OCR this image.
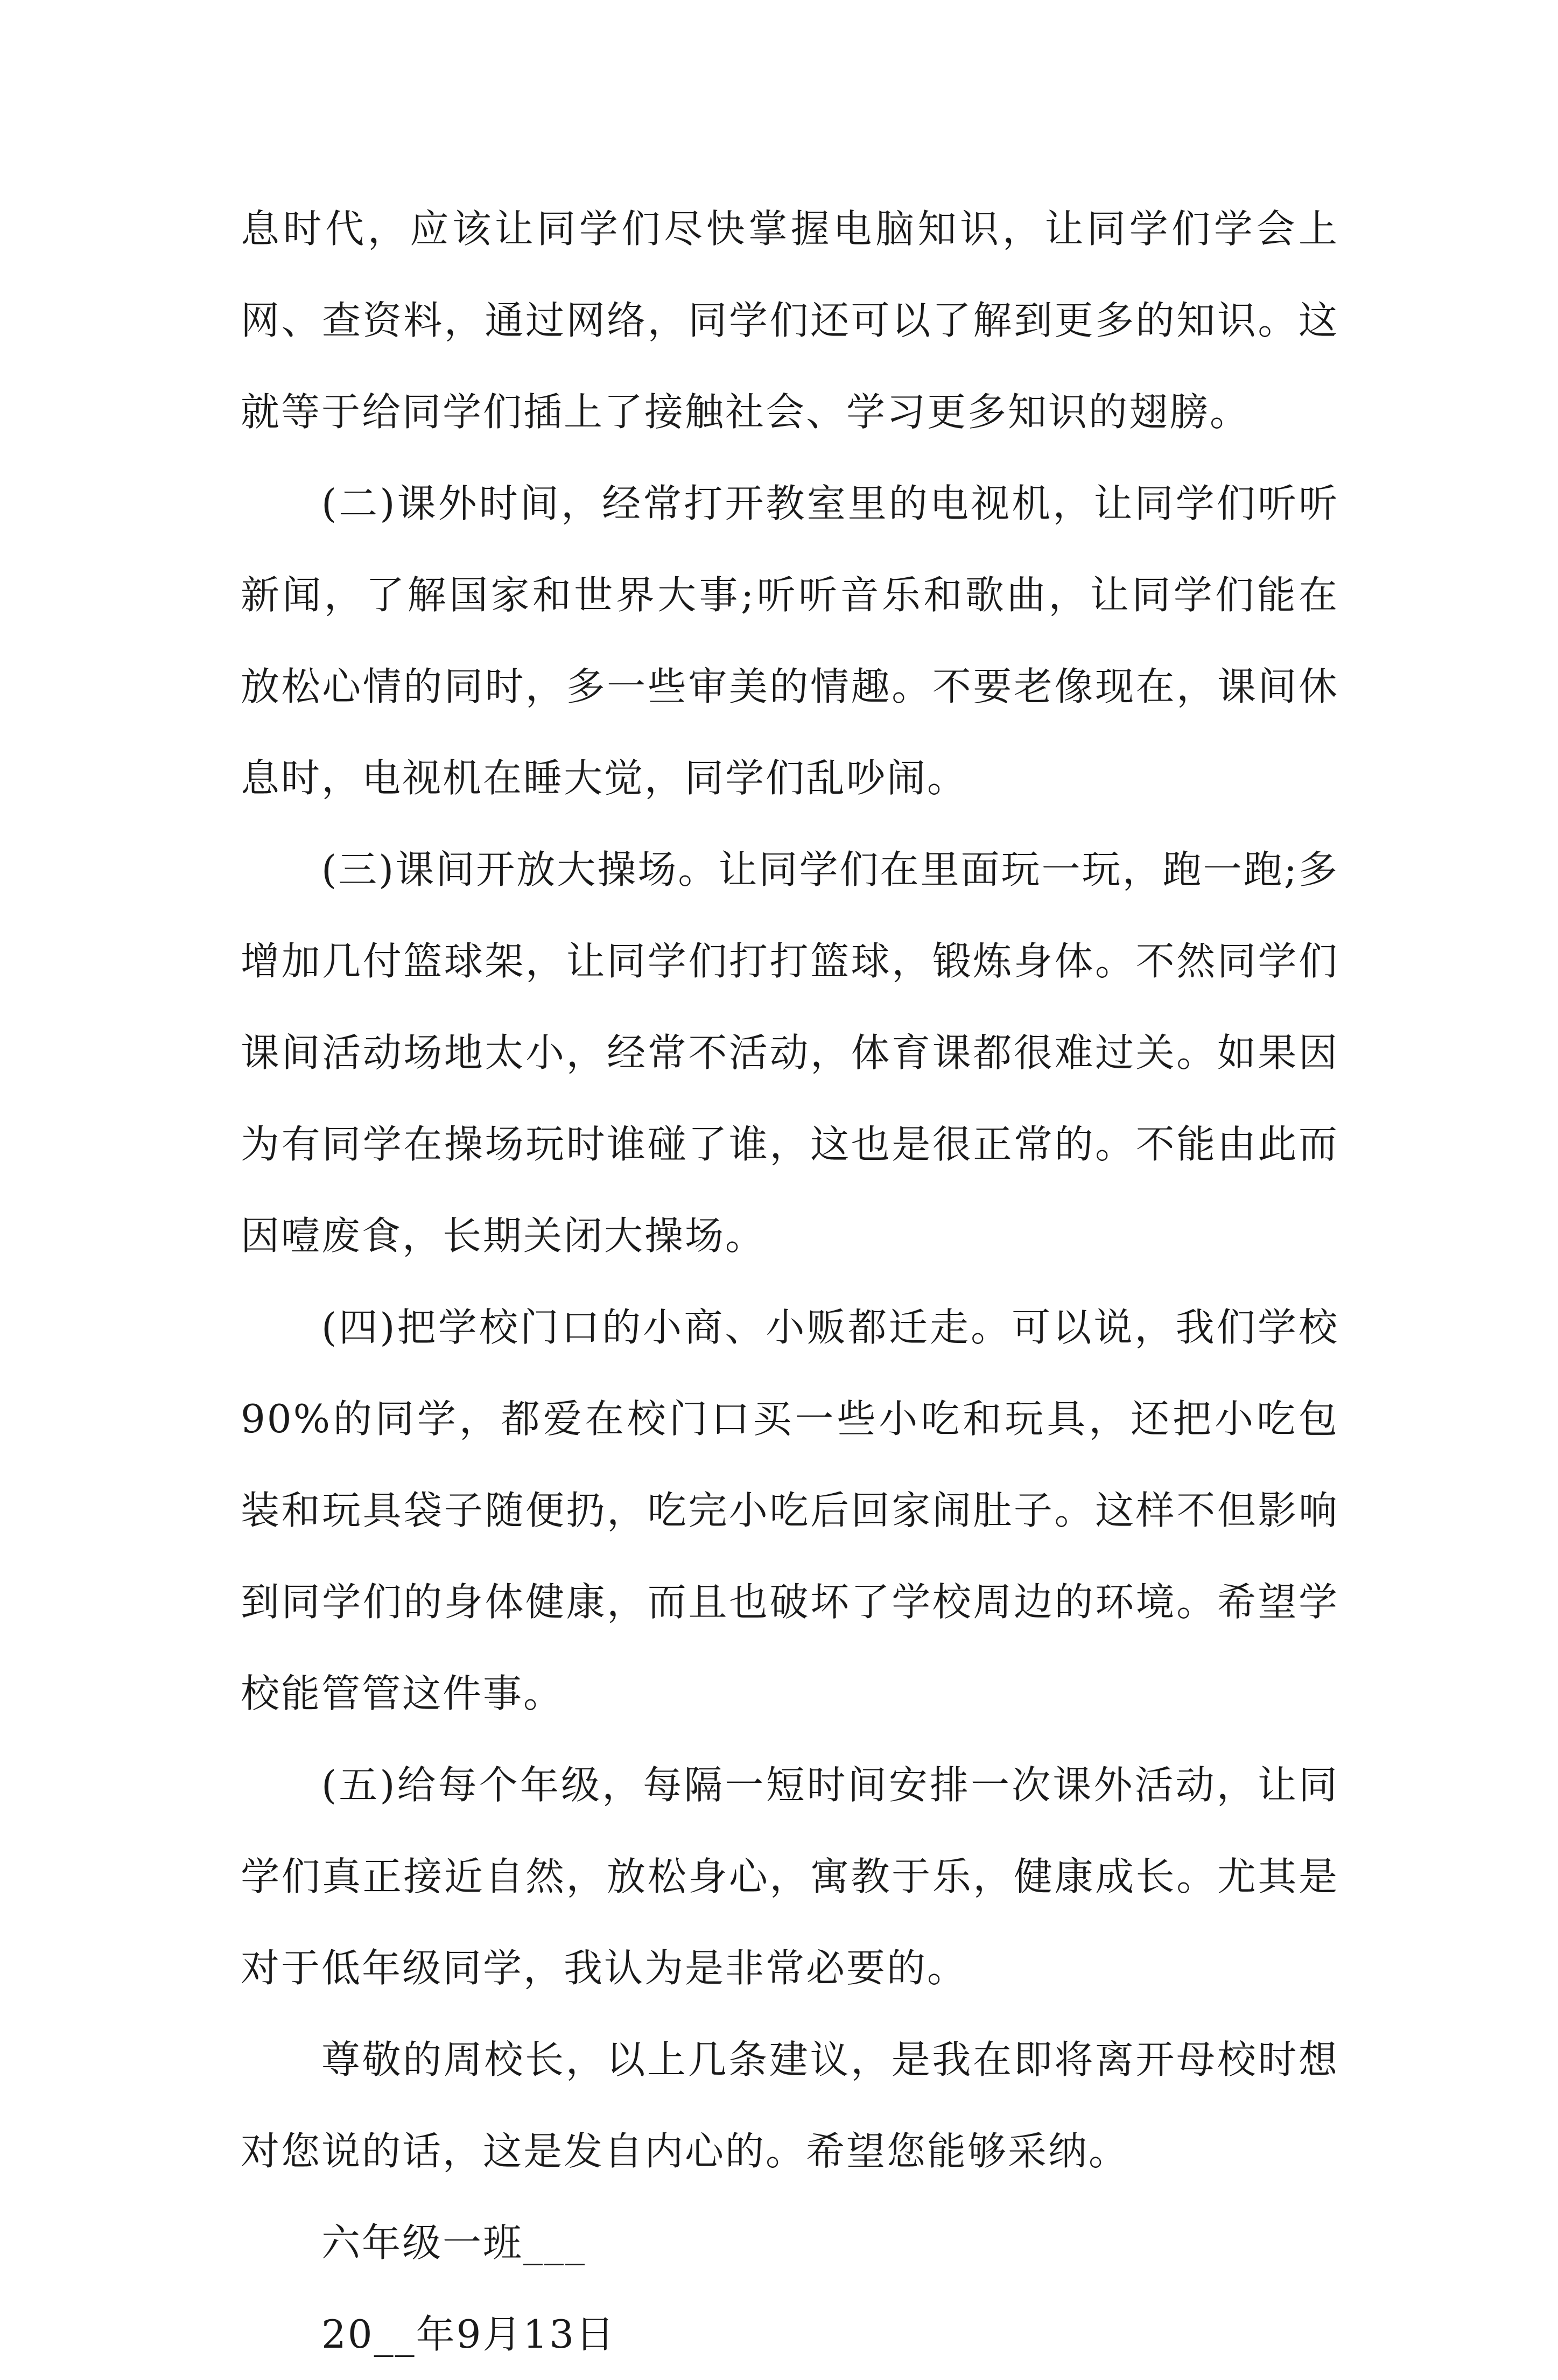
息时代，应该让同学们尽快掌握电脑知识，让同学们学会上网、查资料，通过网络，同学们还可以了解到更多的知识。这就等于给同学们插上了接触社会、学习更多知识的翅膀。

(二)课外时间，经常打开教室里的电视机，让同学们听听新闻，了解国家和世界大事;听听音乐和歌曲，让同学们能在放松心情的同时，多一些审美的情趣。不要老像现在，课间休息时，电视机在睡大觉，同学们乱吵闹。

(三)课间开放大操场。让同学们在里面玩一玩，跑一跑;多增加几付篮球架，让同学们打打篮球，锻炼身体。不然同学们课间活动场地太小，经常不活动，体育课都很难过关。如果因为有同学在操场玩时谁碰了谁，这也是很正常的。不能由此而因噎废食，长期关闭大操场。

(四)把学校门口的小商、小贩都迁走。可以说，我们学校90%的同学，都爱在校门口买一些小吃和玩具，还把小吃包装和玩具袋子随便扔，吃完小吃后回家闹肚子。这样不但影响到同学们的身体健康，而且也破坏了学校周边的环境。希望学校能管管这件事。

(五)给每个年级，每隔一短时间安排一次课外活动，让同学们真正接近自然，放松身心，寓教于乐，健康成长。尤其是对于低年级同学，我认为是非常必要的。

尊敬的周校长，以上几条建议，是我在即将离开母校时想对您说的话，这是发自内心的。希望您能够采纳。

六年级一班___

20__年9月13日
